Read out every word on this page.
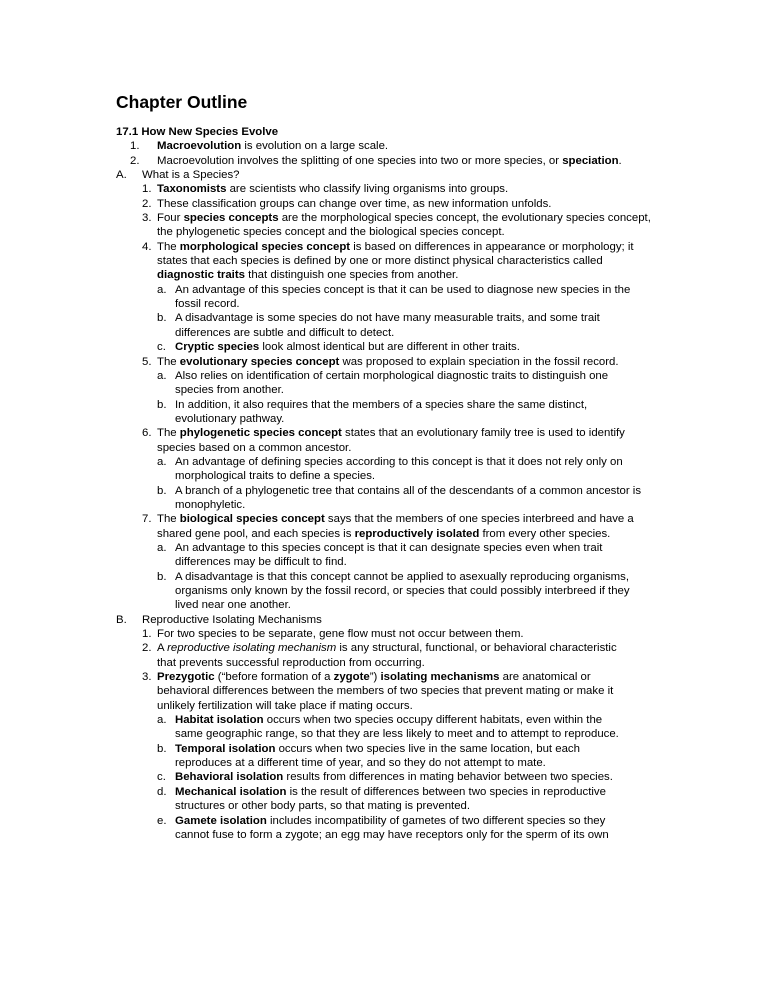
Chapter Outline
17.1 How New Species Evolve
1. Macroevolution is evolution on a large scale.
2. Macroevolution involves the splitting of one species into two or more species, or speciation.
A. What is a Species?
1. Taxonomists are scientists who classify living organisms into groups.
2. These classification groups can change over time, as new information unfolds.
3. Four species concepts are the morphological species concept, the evolutionary species concept,
the phylogenetic species concept and the biological species concept.
4. The morphological species concept is based on differences in appearance or morphology; it
states that each species is defined by one or more distinct physical characteristics called
diagnostic traits that distinguish one species from another.
a. An advantage of this species concept is that it can be used to diagnose new species in the
fossil record.
b. A disadvantage is some species do not have many measurable traits, and some trait
differences are subtle and difficult to detect.
c. Cryptic species look almost identical but are different in other traits.
5. The evolutionary species concept was proposed to explain speciation in the fossil record.
a. Also relies on identification of certain morphological diagnostic traits to distinguish one
species from another.
b. In addition, it also requires that the members of a species share the same distinct,
evolutionary pathway.
6. The phylogenetic species concept states that an evolutionary family tree is used to identify
species based on a common ancestor.
a. An advantage of defining species according to this concept is that it does not rely only on
morphological traits to define a species.
b. A branch of a phylogenetic tree that contains all of the descendants of a common ancestor is
monophyletic.
7. The biological species concept says that the members of one species interbreed and have a
shared gene pool, and each species is reproductively isolated from every other species.
a. An advantage to this species concept is that it can designate species even when trait
differences may be difficult to find.
b. A disadvantage is that this concept cannot be applied to asexually reproducing organisms,
organisms only known by the fossil record, or species that could possibly interbreed if they
lived near one another.
B. Reproductive Isolating Mechanisms
1. For two species to be separate, gene flow must not occur between them.
2. A reproductive isolating mechanism is any structural, functional, or behavioral characteristic
that prevents successful reproduction from occurring.
3. Prezygotic (“before formation of a zygote”) isolating mechanisms are anatomical or
behavioral differences between the members of two species that prevent mating or make it
unlikely fertilization will take place if mating occurs.
a. Habitat isolation occurs when two species occupy different habitats, even within the
same geographic range, so that they are less likely to meet and to attempt to reproduce.
b. Temporal isolation occurs when two species live in the same location, but each
reproduces at a different time of year, and so they do not attempt to mate.
c. Behavioral isolation results from differences in mating behavior between two species.
d. Mechanical isolation is the result of differences between two species in reproductive
structures or other body parts, so that mating is prevented.
e. Gamete isolation includes incompatibility of gametes of two different species so they
cannot fuse to form a zygote; an egg may have receptors only for the sperm of its own
